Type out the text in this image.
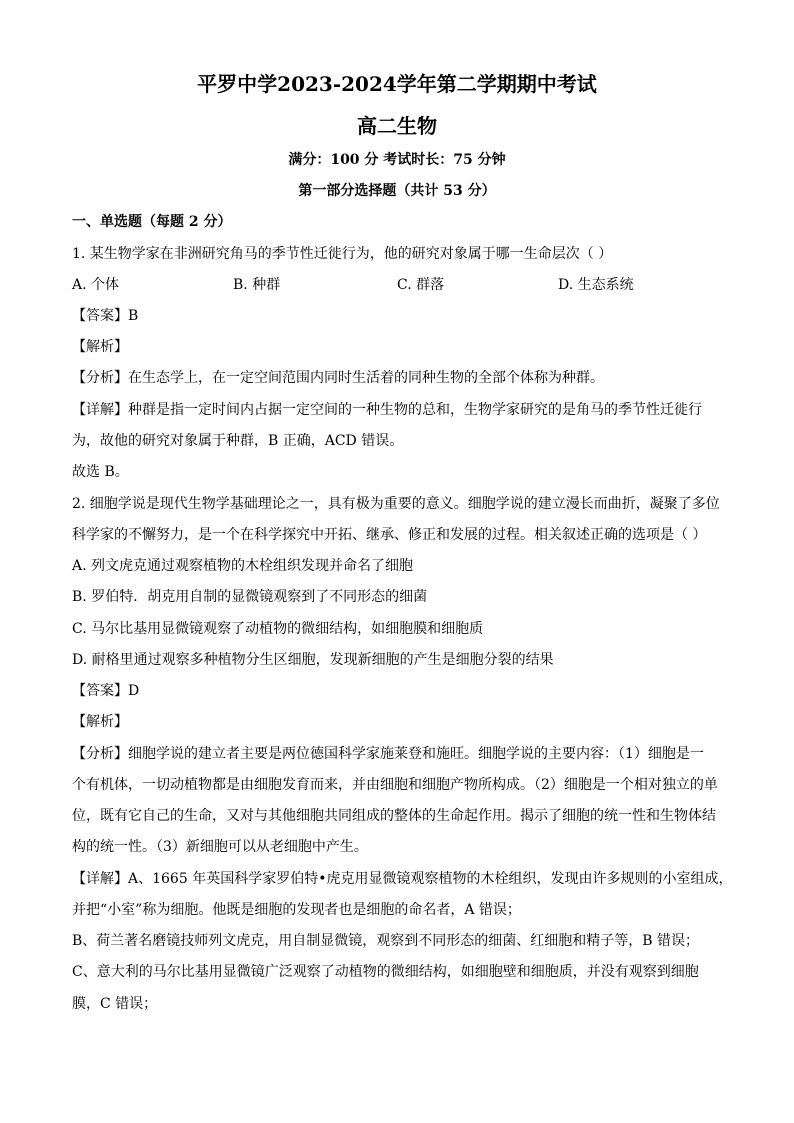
平罗中学2023-2024学年第二学期期中考试
高二生物
满分：100 分 考试时长：75 分钟
第一部分选择题（共计 53 分）
一、单选题（每题 2 分）
1. 某生物学家在非洲研究角马的季节性迁徙行为，他的研究对象属于哪一生命层次（ ）
A. 个体	B. 种群	C. 群落	D. 生态系统
【答案】B
【解析】
【分析】在生态学上，在一定空间范围内同时生活着的同种生物的全部个体称为种群。
【详解】种群是指一定时间内占据一定空间的一种生物的总和，生物学家研究的是角马的季节性迁徙行
为，故他的研究对象属于种群，B 正确，ACD 错误。
故选 B。
2. 细胞学说是现代生物学基础理论之一，具有极为重要的意义。细胞学说的建立漫长而曲折，凝聚了多位
科学家的不懈努力，是一个在科学探究中开拓、继承、修正和发展的过程。相关叙述正确的选项是（ ）
A. 列文虎克通过观察植物的木栓组织发现并命名了细胞
B. 罗伯特．胡克用自制的显微镜观察到了不同形态的细菌
C. 马尔比基用显微镜观察了动植物的微细结构，如细胞膜和细胞质
D. 耐格里通过观察多种植物分生区细胞，发现新细胞的产生是细胞分裂的结果
【答案】D
【解析】
【分析】细胞学说的建立者主要是两位德国科学家施莱登和施旺。细胞学说的主要内容：（1）细胞是一
个有机体，一切动植物都是由细胞发育而来，并由细胞和细胞产物所构成。（2）细胞是一个相对独立的单
位，既有它自己的生命，又对与其他细胞共同组成的整体的生命起作用。揭示了细胞的统一性和生物体结
构的统一性。（3）新细胞可以从老细胞中产生。
【详解】A、1665 年英国科学家罗伯特•虎克用显微镜观察植物的木栓组织，发现由许多规则的小室组成，
并把“小室”称为细胞。他既是细胞的发现者也是细胞的命名者，A 错误；
B、荷兰著名磨镜技师列文虎克，用自制显微镜，观察到不同形态的细菌、红细胞和精子等，B 错误；
C、意大利的马尔比基用显微镜广泛观察了动植物的微细结构，如细胞壁和细胞质，并没有观察到细胞
膜，C 错误；
